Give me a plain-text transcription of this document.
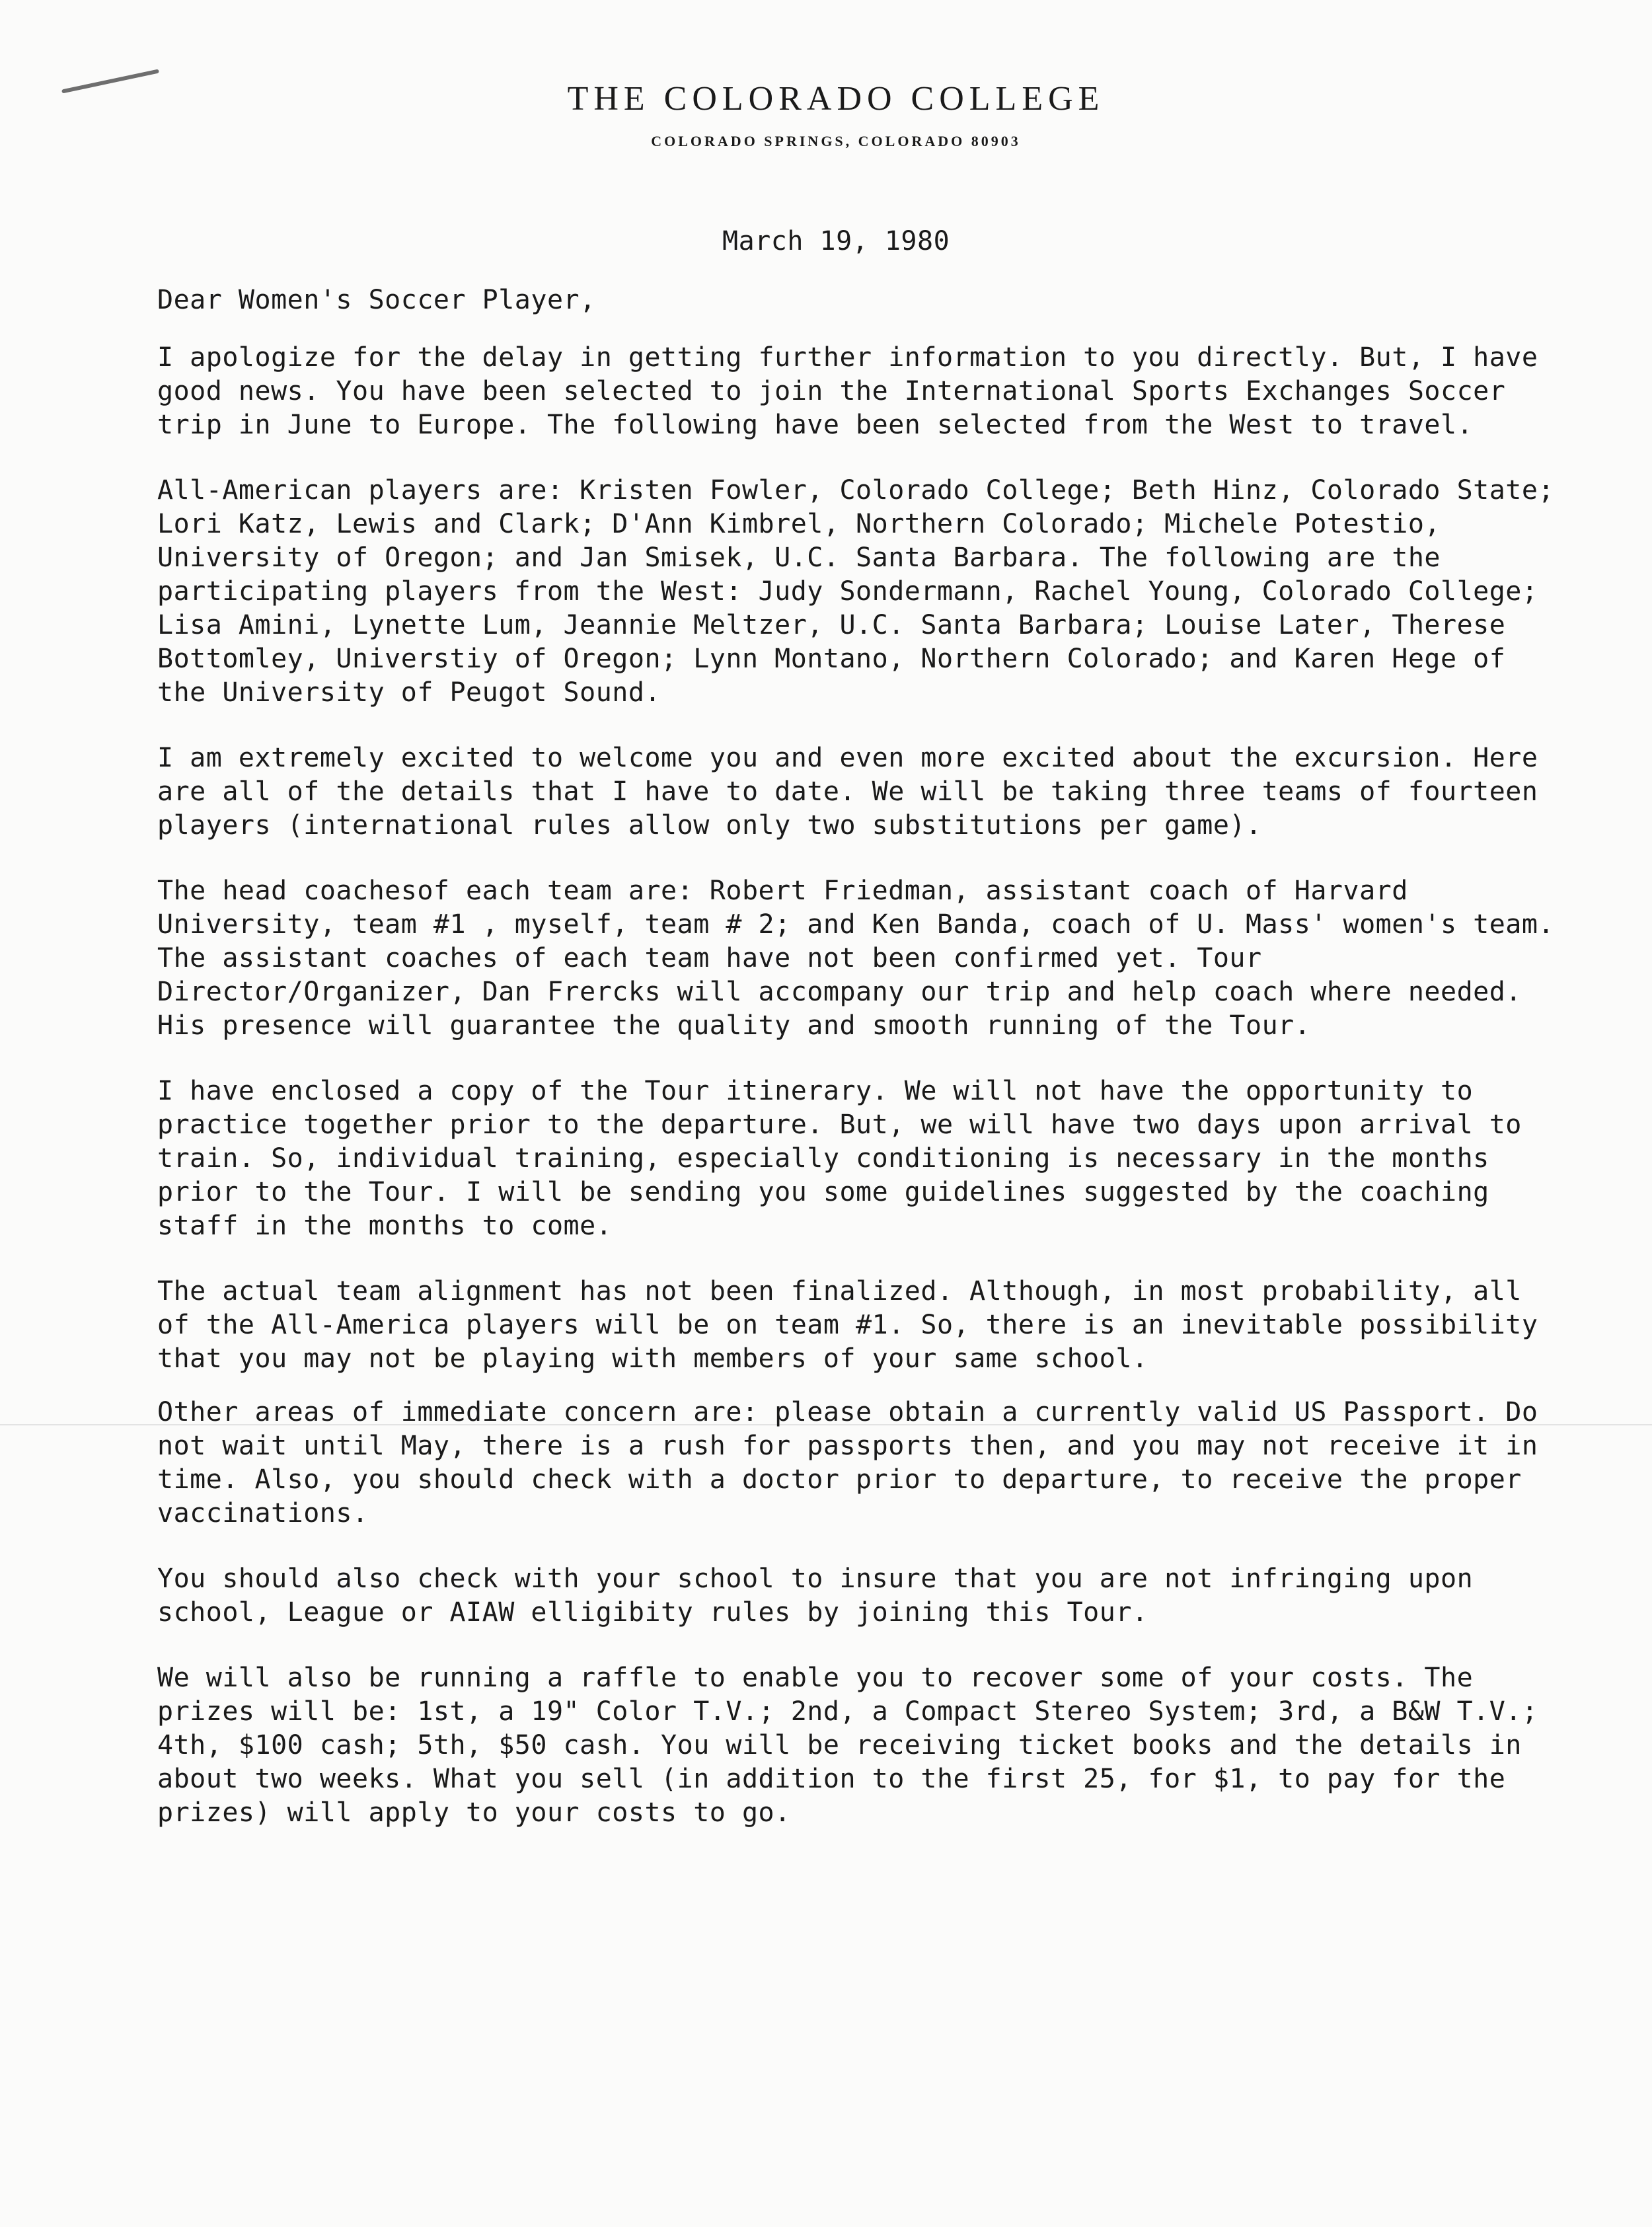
THE COLORADO COLLEGE
COLORADO SPRINGS, COLORADO 80903
March 19, 1980
Dear Women's Soccer Player,

I apologize for the delay in getting further information to you directly. But, I have good news. You have been selected to join the International Sports Exchanges Soccer trip in June to Europe. The following have been selected from the West to travel.

All-American players are: Kristen Fowler, Colorado College; Beth Hinz, Colorado State; Lori Katz, Lewis and Clark; D'Ann Kimbrel, Northern Colorado; Michele Potestio, University of Oregon; and Jan Smisek, U.C. Santa Barbara. The following are the participating players from the West: Judy Sondermann, Rachel Young, Colorado College; Lisa Amini, Lynette Lum, Jeannie Meltzer, U.C. Santa Barbara; Louise Later, Therese Bottomley, Universtiy of Oregon; Lynn Montano, Northern Colorado; and Karen Hege of the University of Peugot Sound.

I am extremely excited to welcome you and even more excited about the excursion. Here are all of the details that I have to date. We will be taking three teams of fourteen players (international rules allow only two substitutions per game).

The head coachesof each team are: Robert Friedman, assistant coach of Harvard University, team #1 , myself, team # 2; and Ken Banda, coach of U. Mass' women's team. The assistant coaches of each team have not been confirmed yet. Tour Director/Organizer, Dan Frercks will accompany our trip and help coach where needed. His presence will guarantee the quality and smooth running of the Tour.

I have enclosed a copy of the Tour itinerary. We will not have the opportunity to practice together prior to the departure. But, we will have two days upon arrival to train. So, individual training, especially conditioning is necessary in the months prior to the Tour. I will be sending you some guidelines suggested by the coaching staff in the months to come.

The actual team alignment has not been finalized. Although, in most probability, all of the All-America players will be on team #1. So, there is an inevitable possibility that you may not be playing with members of your same school.

Other areas of immediate concern are: please obtain a currently valid US Passport. Do not wait until May, there is a rush for passports then, and you may not receive it in time. Also, you should check with a doctor prior to departure, to receive the proper vaccinations.

You should also check with your school to insure that you are not infringing upon school, League or AIAW elligibity rules by joining this Tour.

We will also be running a raffle to enable you to recover some of your costs. The prizes will be: 1st, a 19" Color T.V.; 2nd, a Compact Stereo System; 3rd, a B&W T.V.; 4th, $100 cash; 5th, $50 cash. You will be receiving ticket books and the details in about two weeks. What you sell (in addition to the first 25, for $1, to pay for the prizes) will apply to your costs to go.
